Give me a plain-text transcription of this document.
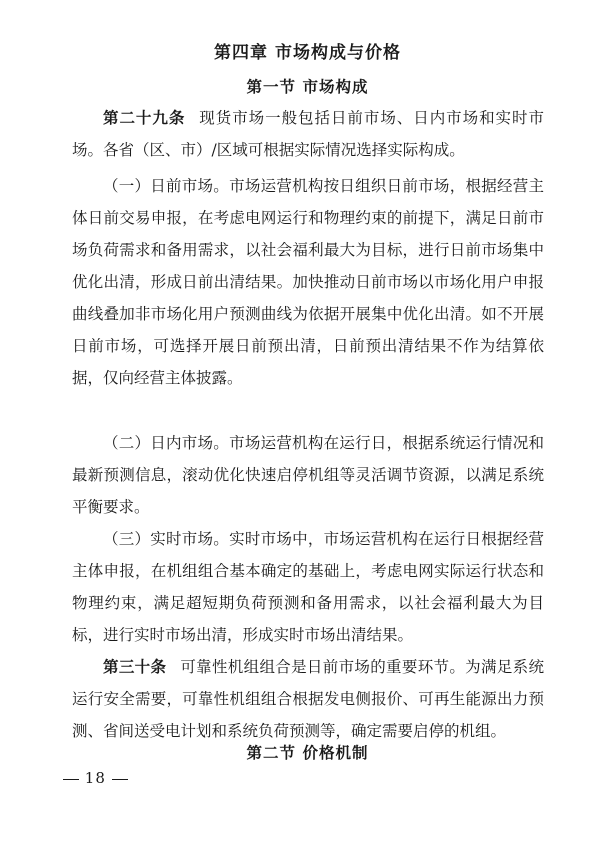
第四章 市场构成与价格
第一节 市场构成
第二十九条 现货市场一般包括日前市场、日内市场和实时市场。各省（区、市）/区域可根据实际情况选择实际构成。
（一）日前市场。市场运营机构按日组织日前市场，根据经营主体日前交易申报，在考虑电网运行和物理约束的前提下，满足日前市场负荷需求和备用需求，以社会福利最大为目标，进行日前市场集中优化出清，形成日前出清结果。加快推动日前市场以市场化用户申报曲线叠加非市场化用户预测曲线为依据开展集中优化出清。如不开展日前市场，可选择开展日前预出清，日前预出清结果不作为结算依据，仅向经营主体披露。
（二）日内市场。市场运营机构在运行日，根据系统运行情况和最新预测信息，滚动优化快速启停机组等灵活调节资源，以满足系统平衡要求。
（三）实时市场。实时市场中，市场运营机构在运行日根据经营主体申报，在机组组合基本确定的基础上，考虑电网实际运行状态和物理约束，满足超短期负荷预测和备用需求，以社会福利最大为目标，进行实时市场出清，形成实时市场出清结果。
第三十条 可靠性机组组合是日前市场的重要环节。为满足系统运行安全需要，可靠性机组组合根据发电侧报价、可再生能源出力预测、省间送受电计划和系统负荷预测等，确定需要启停的机组。
第二节 价格机制
18
